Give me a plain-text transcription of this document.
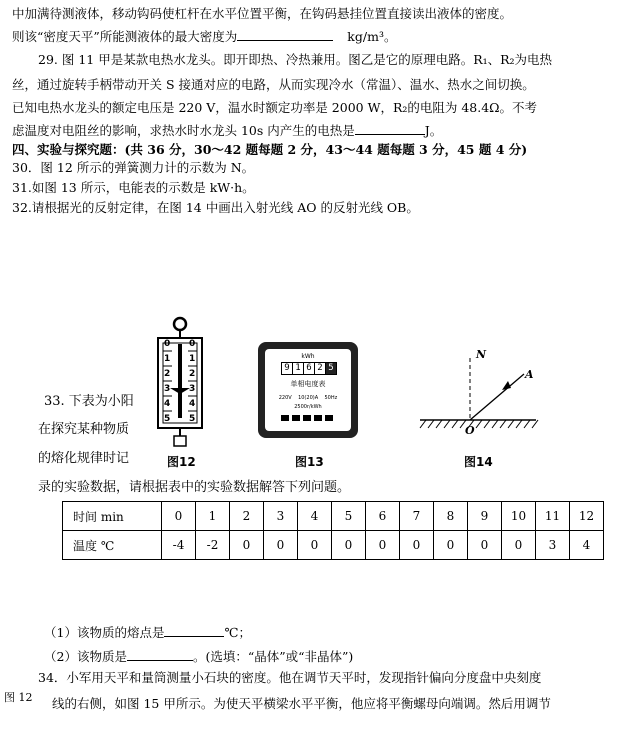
中加满待测液体，移动钩码使杠杆在水平位置平衡，在钩码悬挂位置直接读出液体的密度。
则该“密度天平”所能测液体的最大密度为	kg/m³。
29. 图 11 甲是某款电热水龙头。即开即热、冷热兼用。图乙是它的原理电路。R₁、R₂为电热
丝，通过旋转手柄带动开关 S 接通对应的电路，从而实现冷水（常温）、温水、热水之间切换。
已知电热水龙头的额定电压是 220 V，温水时额定功率是 2000 W，R₂的电阻为 48.4Ω。不考
虑温度对电阻丝的影响，求热水时水龙头 10s 内产生的电热是	J。
四、实验与探究题：(共 36 分，30～42 题每题 2 分，43～44 题每题 3 分，45 题 4 分)
30．图 12 所示的弹簧测力计的示数为 N。
31.如图 13 所示，电能表的示数是 kW·h。
32.请根据光的反射定律，在图 14 中画出入射光线 AO 的反射光线 OB。
33. 下表为小阳
在探究某种物质
的熔化规律时记
录的实验数据，请根据表中的实验数据解答下列问题。
0
1
2
3
4
5
0
1
2
3
4
5
图12
kWh
9 1 6 2 5
单相电度表
220V    10(20)A    50Hz
2500r/kWh
图13
N
A
O
图14
时间 min	0	1	2	3	4	5	6	7	8	9	10	11	12
温度 ℃	-4	-2	0	0	0	0	0	0	0	0	0	3	4
（1）该物质的熔点是	℃；
（2）该物质是	。(选填：“晶体”或“非晶体”)
34．小军用天平和量筒测量小石块的密度。他在调节天平时，发现指针偏向分度盘中央刻度
图 12 线的右侧，如图 15 甲所示。为使天平横梁水平平衡，他应将平衡螺母向端调。然后用调节
